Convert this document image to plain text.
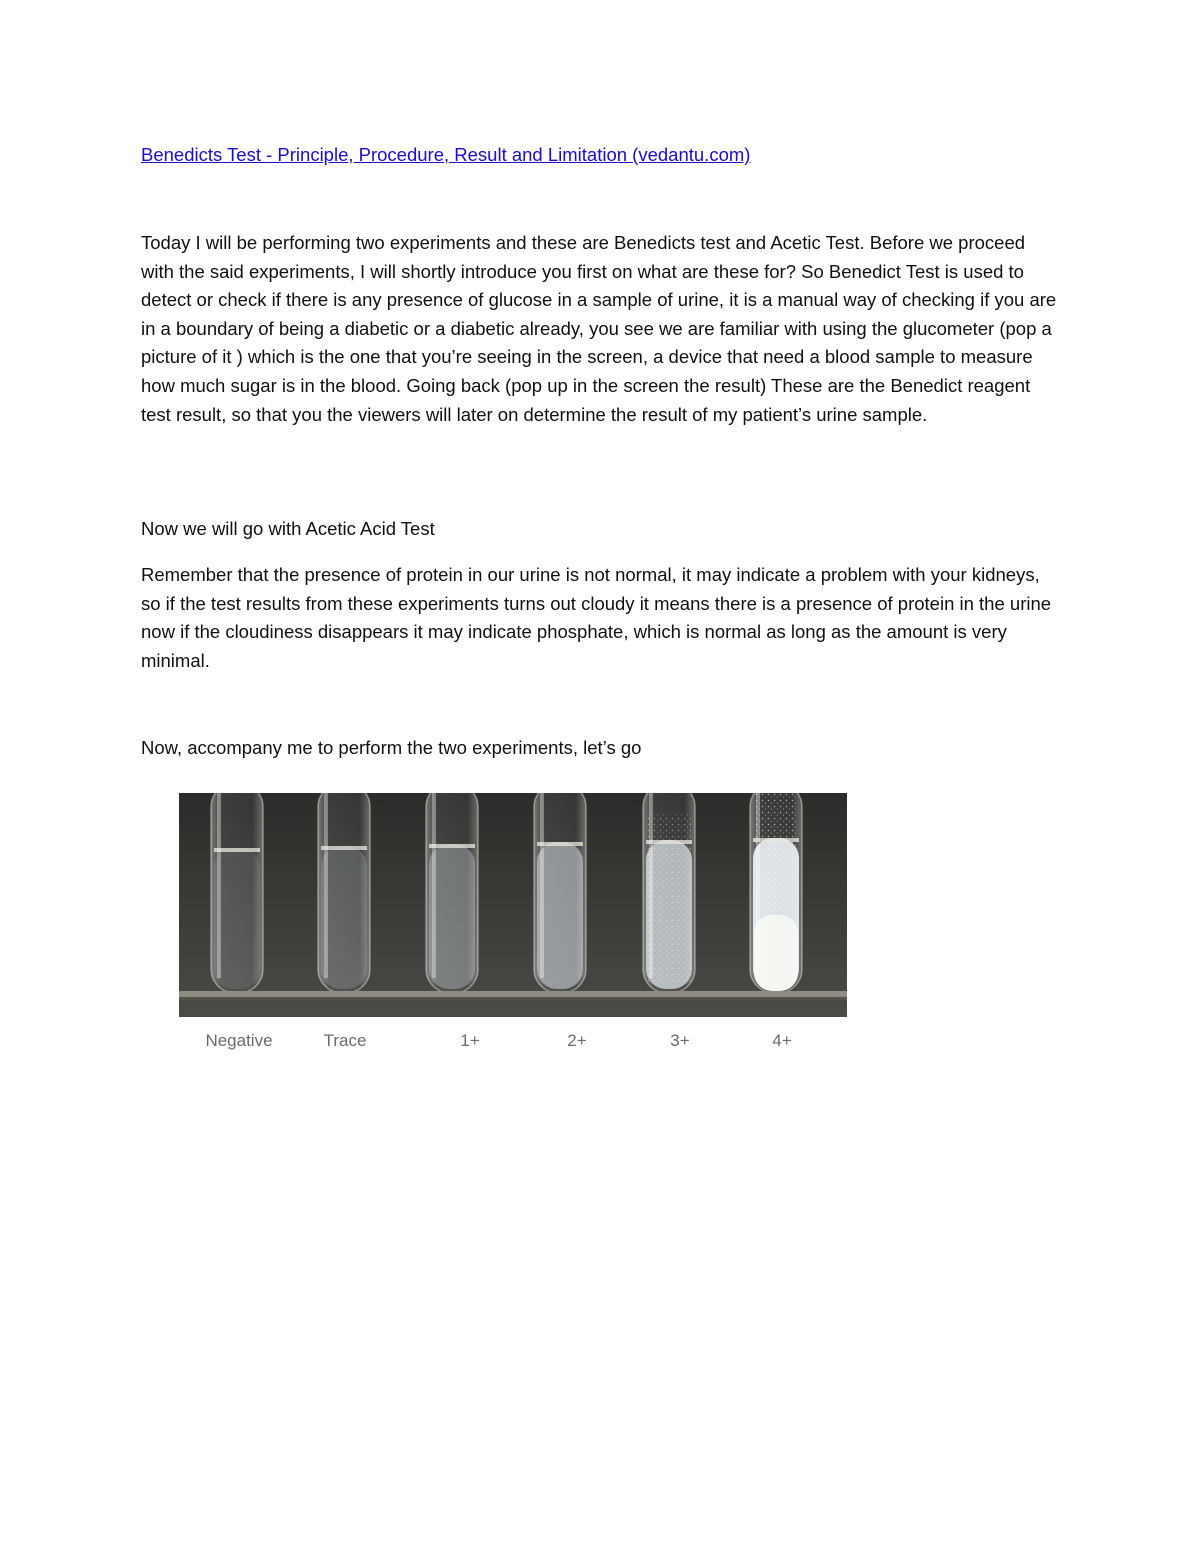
Benedicts Test - Principle, Procedure, Result and Limitation (vedantu.com)

Today I will be performing two experiments and these are Benedicts test and Acetic Test. Before we proceed with the said experiments, I will shortly introduce you first on what are these for? So Benedict Test is used to detect or check if there is any presence of glucose in a sample of urine, it is a manual way of checking if you are in a boundary of being a diabetic or a diabetic already, you see we are familiar with using the glucometer (pop a picture of it ) which is the one that you’re seeing in the screen, a device that need a blood sample to measure how much sugar is in the blood. Going back (pop up in the screen the result) These are the Benedict reagent test result, so that you the viewers will later on determine the result of my patient’s urine sample.

Now we will go with Acetic Acid Test

Remember that the presence of protein in our urine is not normal, it may indicate a problem with your kidneys, so if the test results from these experiments turns out cloudy it means there is a presence of protein in the urine now if the cloudiness disappears it may indicate phosphate, which is normal as long as the amount is very minimal.

Now, accompany me to perform the two experiments, let’s go

Negative	Trace	1+	2+	3+	4+
